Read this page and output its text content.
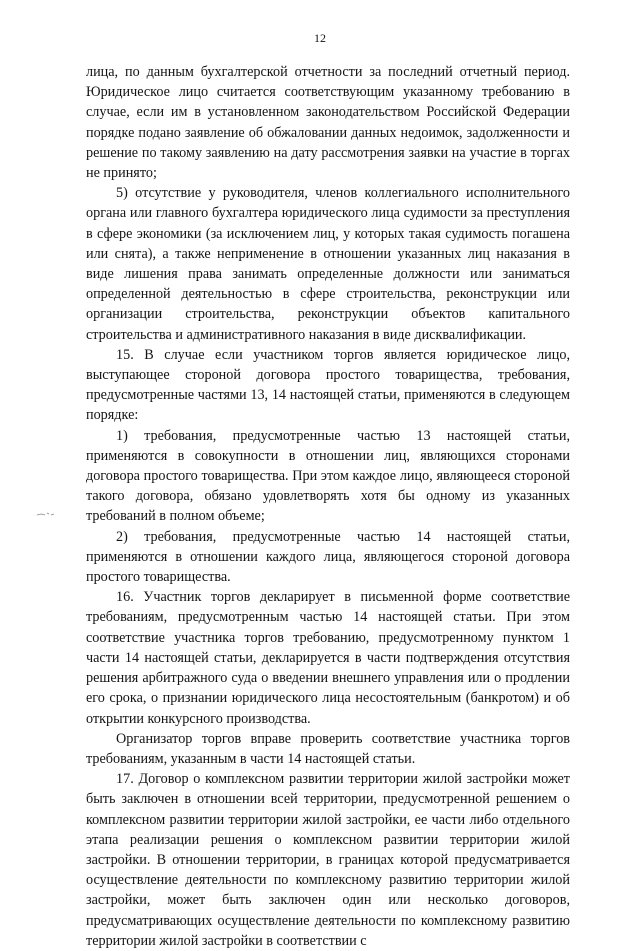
12

лица, по данным бухгалтерской отчетности за последний отчетный период. Юридическое лицо считается соответствующим указанному требованию в случае, если им в установленном законодательством Российской Федерации порядке подано заявление об обжаловании данных недоимок, задолженности и решение по такому заявлению на дату рассмотрения заявки на участие в торгах не принято;

5) отсутствие у руководителя, членов коллегиального исполнительного органа или главного бухгалтера юридического лица судимости за преступления в сфере экономики (за исключением лиц, у которых такая судимость погашена или снята), а также неприменение в отношении указанных лиц наказания в виде лишения права занимать определенные должности или заниматься определенной деятельностью в сфере строительства, реконструкции или организации строительства, реконструкции объектов капитального строительства и административного наказания в виде дисквалификации.

15. В случае если участником торгов является юридическое лицо, выступающее стороной договора простого товарищества, требования, предусмотренные частями 13, 14 настоящей статьи, применяются в следующем порядке:

1) требования, предусмотренные частью 13 настоящей статьи, применяются в совокупности в отношении лиц, являющихся сторонами договора простого товарищества. При этом каждое лицо, являющееся стороной такого договора, обязано удовлетворять хотя бы одному из указанных требований в полном объеме;

2) требования, предусмотренные частью 14 настоящей статьи, применяются в отношении каждого лица, являющегося стороной договора простого товарищества.

16. Участник торгов декларирует в письменной форме соответствие требованиям, предусмотренным частью 14 настоящей статьи. При этом соответствие участника торгов требованию, предусмотренному пунктом 1 части 14 настоящей статьи, декларируется в части подтверждения отсутствия решения арбитражного суда о введении внешнего управления или о продлении его срока, о признании юридического лица несостоятельным (банкротом) и об открытии конкурсного производства.

Организатор торгов вправе проверить соответствие участника торгов требованиям, указанным в части 14 настоящей статьи.

17. Договор о комплексном развитии территории жилой застройки может быть заключен в отношении всей территории, предусмотренной решением о комплексном развитии территории жилой застройки, ее части либо отдельного этапа реализации решения о комплексном развитии территории жилой застройки. В отношении территории, в границах которой предусматривается осуществление деятельности по комплексному развитию территории жилой застройки, может быть заключен один или несколько договоров, предусматривающих осуществление деятельности по комплексному развитию территории жилой застройки в соответствии с
